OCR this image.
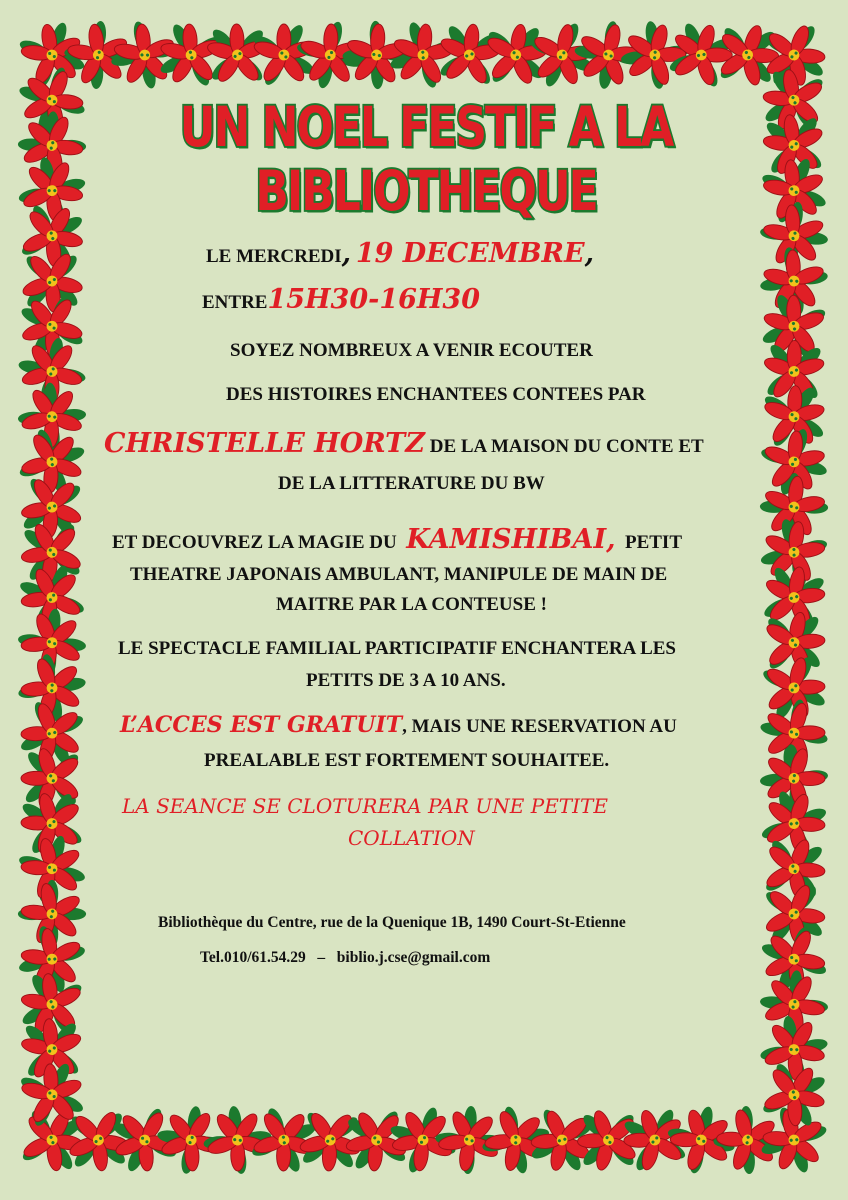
UN NOEL FESTIF A LA BIBLIOTHEQUE
LE MERCREDI, 19 DECEMBRE,
ENTRE15H30-16H30
SOYEZ NOMBREUX A VENIR ECOUTER
DES HISTOIRES ENCHANTEES CONTEES PAR
CHRISTELLE HORTZ DE LA MAISON DU CONTE ET
DE LA LITTERATURE DU BW
ET DECOUVREZ LA MAGIE DU KAMISHIBAI, PETIT
THEATRE JAPONAIS AMBULANT, MANIPULE DE MAIN DE
MAITRE PAR LA CONTEUSE !
LE SPECTACLE FAMILIAL PARTICIPATIF ENCHANTERA LES
PETITS DE 3 A 10 ANS.
L’ACCES EST GRATUIT, MAIS UNE RESERVATION AU
PREALABLE EST FORTEMENT SOUHAITEE.
LA SEANCE SE CLOTURERA PAR UNE PETITE
COLLATION
Bibliothèque du Centre, rue de la Quenique 1B, 1490 Court-St-Etienne
Tel.010/61.54.29 – biblio.j.cse@gmail.com
